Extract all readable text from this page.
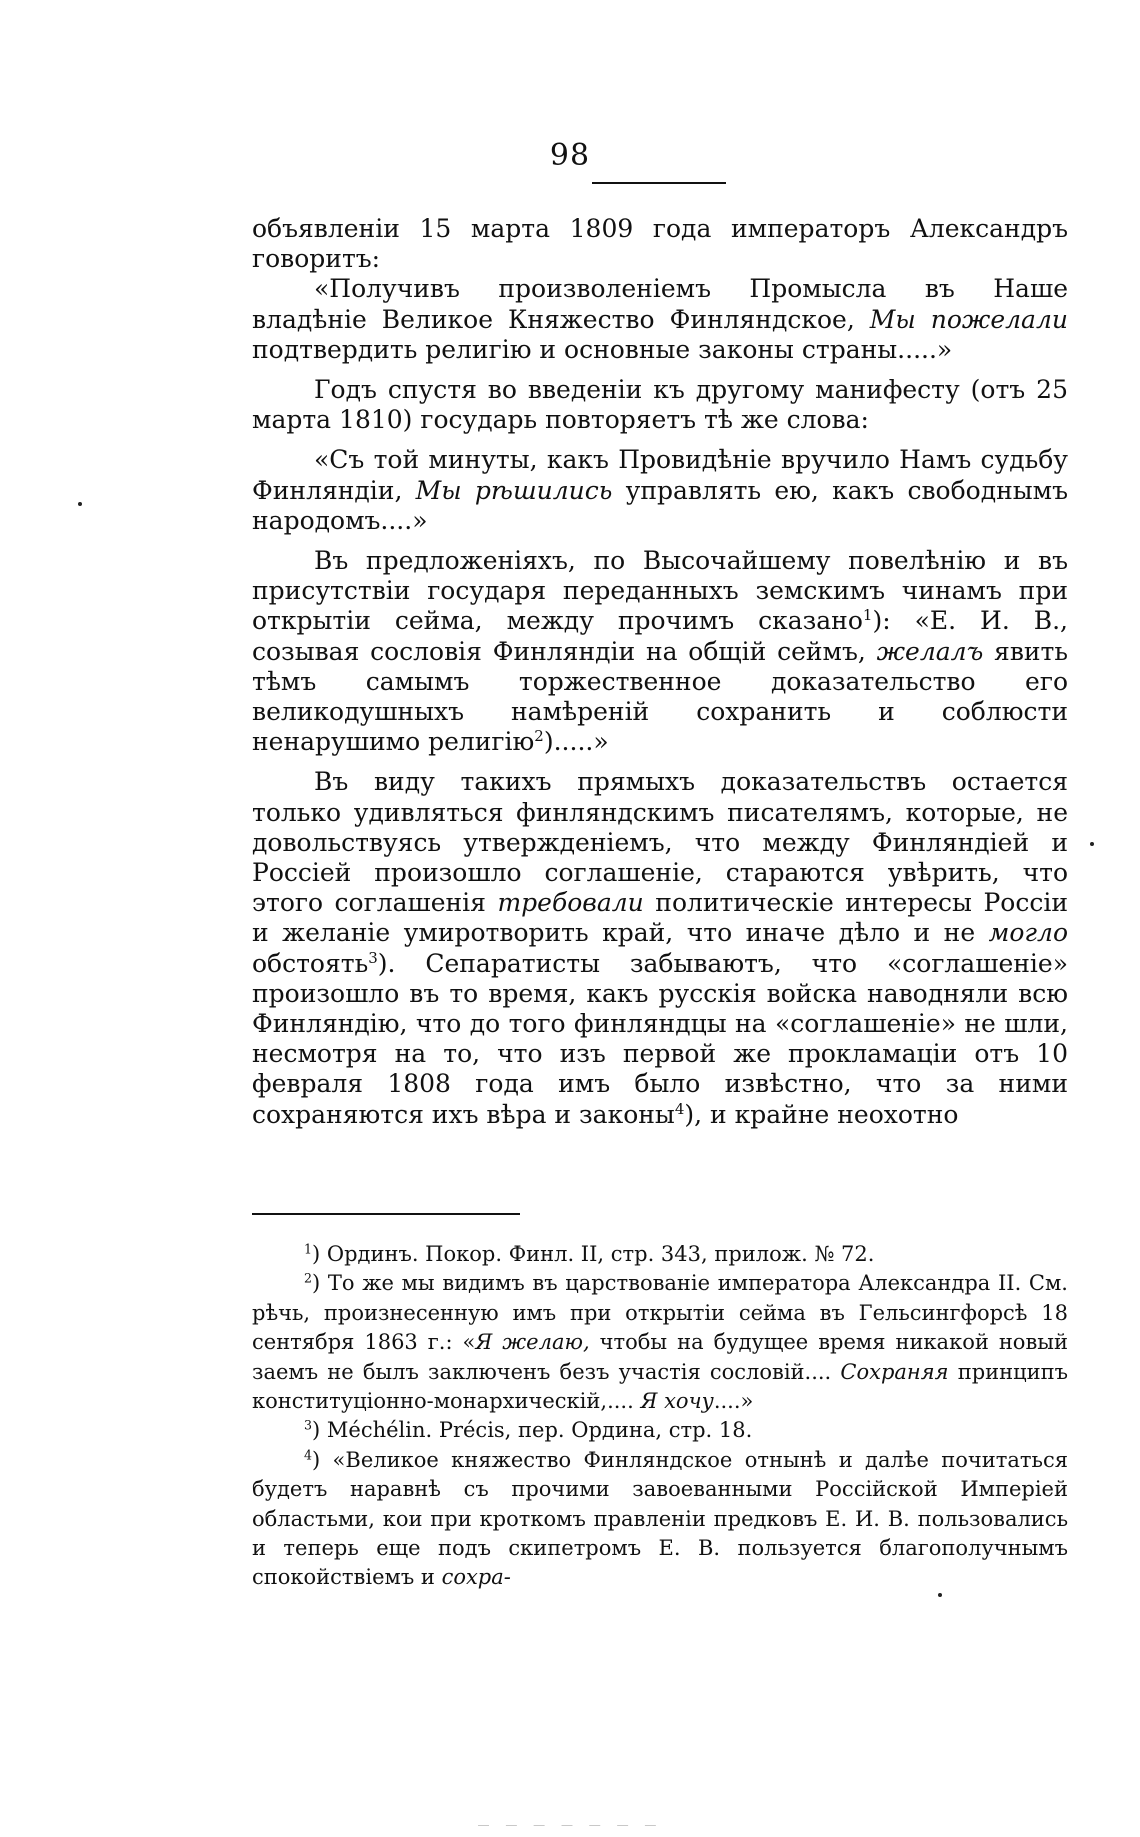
98

объявленіи 15 марта 1809 года императоръ Александръ говоритъ:

«Получивъ произволеніемъ Промысла въ Наше владѣніе Великое Княжество Финляндское, Мы пожелали подтвердить религію и основные законы страны.....»

Годъ спустя во введеніи къ другому манифесту (отъ 25 марта 1810) государь повторяетъ тѣ же слова:

«Съ той минуты, какъ Провидѣніе вручило Намъ судьбу Финляндіи, Мы рѣшились управлять ею, какъ свободнымъ народомъ....»

Въ предложеніяхъ, по Высочайшему повелѣнію и въ присутствіи государя переданныхъ земскимъ чинамъ при открытіи сейма, между прочимъ сказано$^1$): «Е. И. В., созывая сословія Финляндіи на общій сеймъ, желалъ явить тѣмъ самымъ торжественное доказательство его великодушныхъ намѣреній сохранить и соблюсти ненарушимо религію$^2$).....»

Въ виду такихъ прямыхъ доказательствъ остается только удивляться финляндскимъ писателямъ, которые, не довольствуясь утвержденіемъ, что между Финляндіей и Россіей произошло соглашеніе, стараются увѣрить, что этого соглашенія требовали политическіе интересы Россіи и желаніе умиротворить край, что иначе дѣло и не могло обстоять$^3$). Сепаратисты забываютъ, что «соглашеніе» произошло въ то время, какъ русскія войска наводняли всю Финляндію, что до того финляндцы на «соглашеніе» не шли, несмотря на то, что изъ первой же прокламаціи отъ 10 февраля 1808 года имъ было извѣстно, что за ними сохраняются ихъ вѣра и законы$^4$), и крайне неохотно

$^1$) Ординъ. Покор. Финл. II, стр. 343, прилож. № 72.

$^2$) То же мы видимъ въ царствованіе императора Александра II. См. рѣчь, произнесенную имъ при открытіи сейма въ Гельсингфорсѣ 18 сентября 1863 г.: «Я желаю, чтобы на будущее время никакой новый заемъ не былъ заключенъ безъ участія сословій.... Сохраняя принципъ конституціонно-монархическій,.... Я хочу....»

$^3$) Méchélin. Précis, пер. Ордина, стр. 18.

$^4$) «Великое княжество Финляндское отнынѣ и далѣе почитаться будетъ наравнѣ съ прочими завоеванными Россійской Имперіей областьми, кои при кроткомъ правленіи предковъ Е. И. В. пользовались и теперь еще подъ скипетромъ Е. В. пользуется благополучнымъ спокойствіемъ и сохра-

— — — — — — —
